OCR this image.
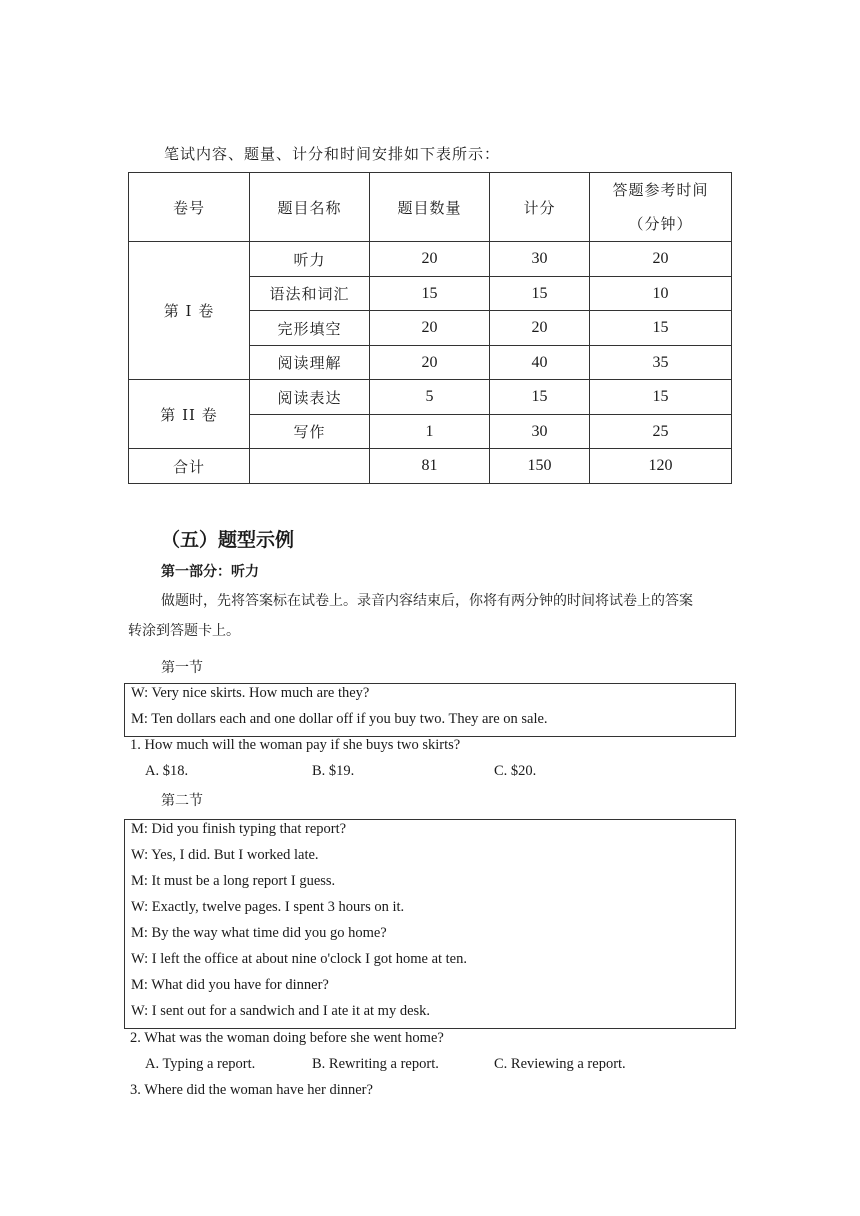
笔试内容、题量、计分和时间安排如下表所示：
卷号	题目名称	题目数量	计分	答题参考时间
（分钟）

第 I 卷	听力	20	30	20
	语法和词汇	15	15	10
	完形填空	20	20	15
	阅读理解	20	40	35
第 II 卷	阅读表达	5	15	15
	写作	1	30	25
合计		81	150	120
（五）题型示例
第一部分：听力
做题时，先将答案标在试卷上。录音内容结束后，你将有两分钟的时间将试卷上的答案
转涂到答题卡上。
第一节
W: Very nice skirts. How much are they?
M: Ten dollars each and one dollar off if you buy two. They are on sale.
1. How much will the woman pay if she buys two skirts?
A. $18.	B. $19.	C. $20.
第二节
M: Did you finish typing that report?
W: Yes, I did. But I worked late.
M: It must be a long report I guess.
W: Exactly, twelve pages. I spent 3 hours on it.
M: By the way what time did you go home?
W: I left the office at about nine o'clock I got home at ten.
M: What did you have for dinner?
W: I sent out for a sandwich and I ate it at my desk.
2. What was the woman doing before she went home?
A. Typing a report.	B. Rewriting a report.	C. Reviewing a report.
3. Where did the woman have her dinner?
